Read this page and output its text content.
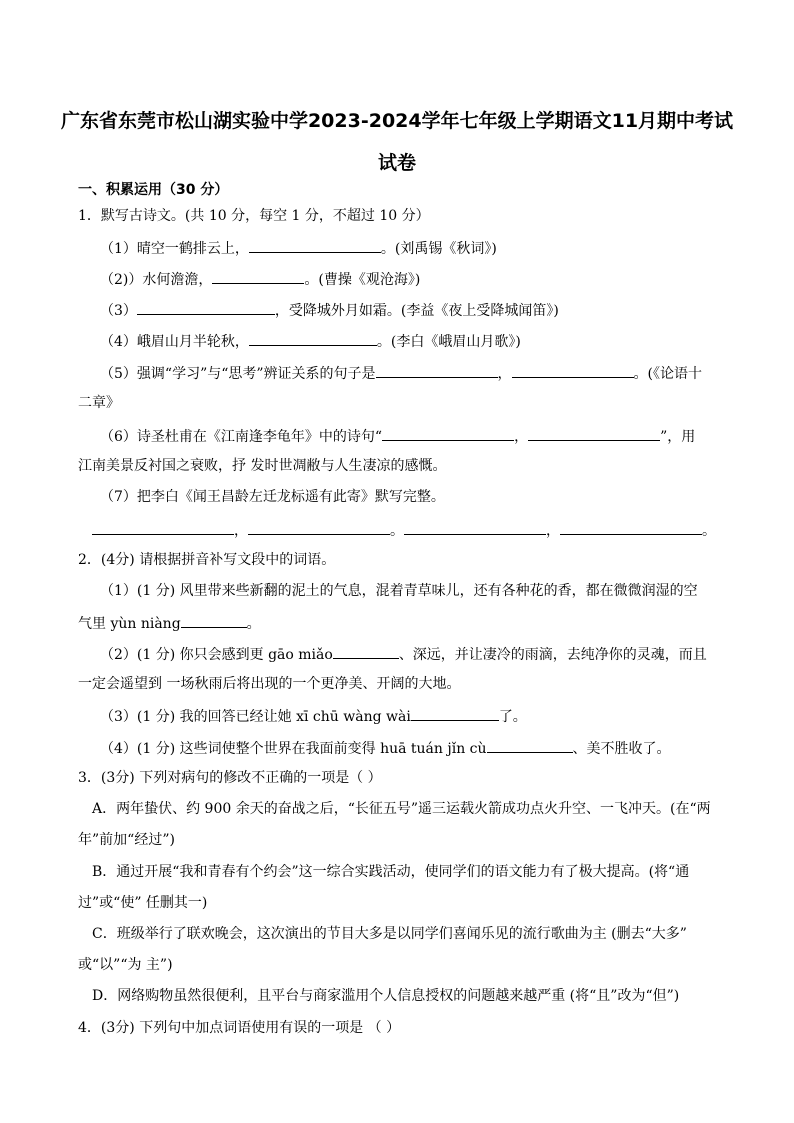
广东省东莞市松山湖实验中学2023-2024学年七年级上学期语文11月期中考试
试卷
一、积累运用（30 分）
1．默写古诗文。(共 10 分，每空 1 分，不超过 10 分）
（1）晴空一鹤排云上，	。(刘禹锡《秋词》)
（2)）水何澹澹，	。(曹操《观沧海》)
（3）	，受降城外月如霜。(李益《夜上受降城闻笛》)
（4）峨眉山月半轮秋，	。(李白《峨眉山月歌》)
（5）强调“学习”与“思考”辨证关系的句子是	，	。(《论语十
二章》
（6）诗圣杜甫在《江南逢李龟年》中的诗句“	，	”，用
江南美景反衬国之衰败，抒 发时世凋敝与人生凄凉的感慨。
（7）把李白《闻王昌龄左迁龙标遥有此寄》默写完整。
，	。	，	。
2．(4分) 请根据拼音补写文段中的词语。
（1）(1 分) 风里带来些新翻的泥土的气息，混着青草味儿，还有各种花的香，都在微微润湿的空
气里 yùn niàng	。
（2）(1 分) 你只会感到更 gāo miǎo	、深远，并让凄冷的雨滴，去纯净你的灵魂，而且
一定会遥望到 一场秋雨后将出现的一个更净美、开阔的大地。
（3）(1 分) 我的回答已经让她 xī chū wàng wài	了。
（4）(1 分) 这些词使整个世界在我面前变得 huā tuán jǐn cù	、美不胜收了。
3．(3分) 下列对病句的修改不正确的一项是（ ）
A．两年蛰伏、约 900 余天的奋战之后，“长征五号”遥三运载火箭成功点火升空、一飞冲天。(在“两
年”前加“经过”)
B．通过开展“我和青春有个约会”这一综合实践活动，使同学们的语文能力有了极大提高。(将“通
过”或“使” 任删其一)
C．班级举行了联欢晚会，这次演出的节目大多是以同学们喜闻乐见的流行歌曲为主 (删去“大多”
或“以”“为 主”)
D．网络购物虽然很便利，且平台与商家滥用个人信息授权的问题越来越严重 (将“且”改为“但”)
4．(3分) 下列句中加点词语使用有误的一项是 （ ）
